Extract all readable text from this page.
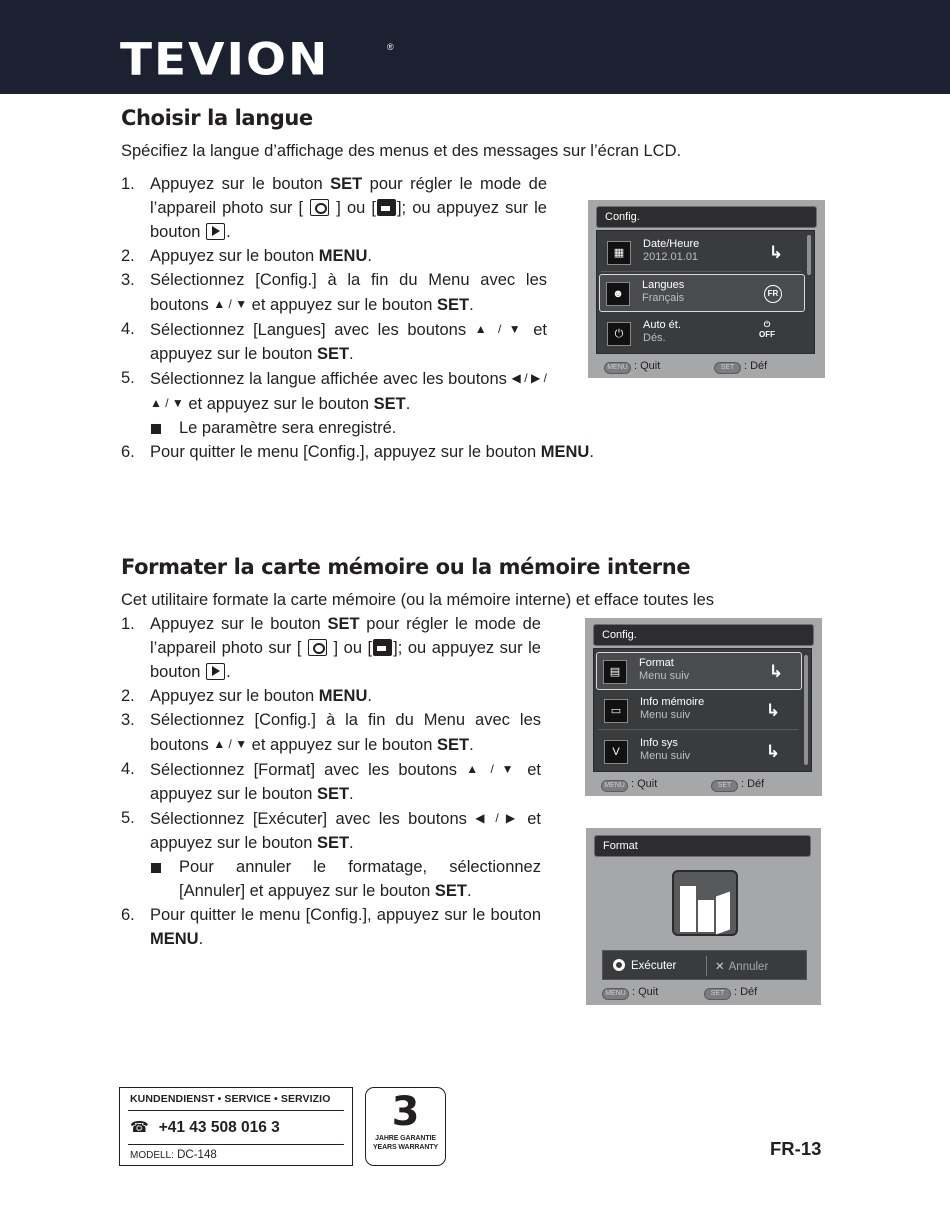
TEVION	®
Choisir la langue
Spécifiez la langue d’affichage des menus et des messages sur l’écran LCD.
1. Appuyez sur le bouton SET pour régler le mode de l’appareil photo sur [  ] ou [ ]; ou appuyez sur le bouton .
2. Appuyez sur le bouton MENU.
3. Sélectionnez [Config.] à la fin du Menu avec les boutons ▲ / ▼ et appuyez sur le bouton SET.
4. Sélectionnez [Langues] avec les boutons ▲ / ▼ et appuyez sur le bouton SET.
5. Sélectionnez la langue affichée avec les boutons ◀ / ▶ / ▲ / ▼ et appuyez sur le bouton SET.
Le paramètre sera enregistré.
6. Pour quitter le menu [Config.], appuyez sur le bouton MENU.
Config.
▦
Date/Heure
2012.01.01	↳
☻
Langues
Français	FR
⏻
Auto ét.
Dés.
⏻
OFF
MENU : Quit	SET : Déf
Formater la carte mémoire ou la mémoire interne
Cet utilitaire formate la carte mémoire (ou la mémoire interne) et efface toutes les
1. Appuyez sur le bouton SET pour régler le mode de l’appareil photo sur [  ] ou [ ]; ou appuyez sur le bouton .
2. Appuyez sur le bouton MENU.
3. Sélectionnez [Config.] à la fin du Menu avec les boutons ▲ / ▼ et appuyez sur le bouton SET.
4. Sélectionnez [Format] avec les boutons ▲ / ▼ et appuyez sur le bouton SET.
5. Sélectionnez [Exécuter] avec les boutons ◀ / ▶ et appuyez sur le bouton SET.
Pour annuler le formatage, sélectionnez [Annuler] et appuyez sur le bouton SET.
6. Pour quitter le menu [Config.], appuyez sur le bouton MENU.
Config.
▤
Format
Menu suiv	↳
▭
Info mémoire
Menu suiv	↳
V
Info sys
Menu suiv	↳
MENU : Quit	SET : Déf
Format
Exécuter	✕ Annuler
MENU : Quit	SET : Déf
KUNDENDIENST • SERVICE • SERVIZIO
☎ +41 43 508 016 3
MODELL: DC-148
3
JAHRE GARANTIE
YEARS WARRANTY	FR-13
